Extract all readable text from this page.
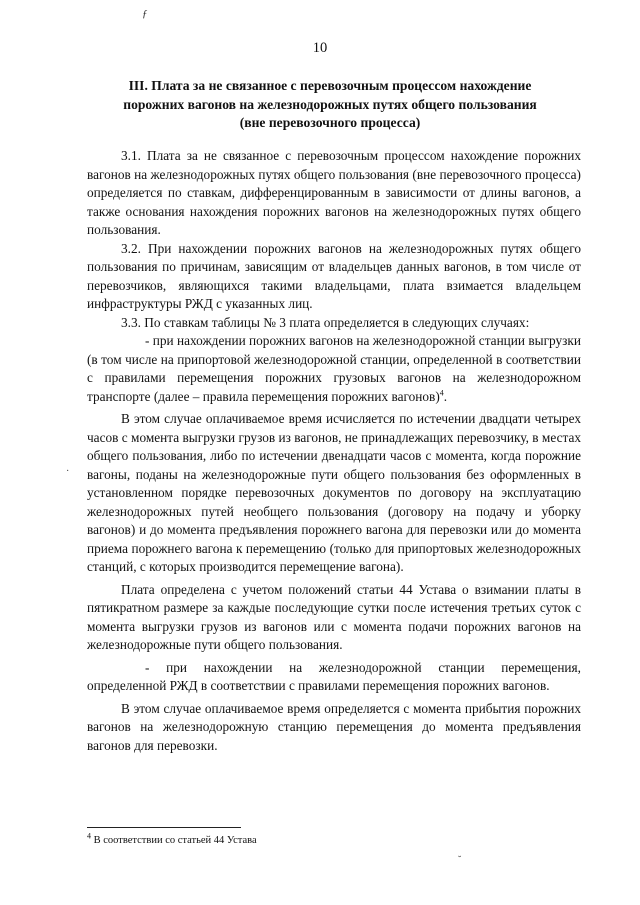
ƒ
·
˘
10
III. Плата за не связанное с перевозочным процессом нахождение
порожних вагонов на железнодорожных путях общего пользования
(вне перевозочного процесса)

3.1. Плата за не связанное с перевозочным процессом нахождение порожних вагонов на железнодорожных путях общего пользования (вне перевозочного процесса) определяется по ставкам, дифференцированным в зависимости от длины вагонов, а также основания нахождения порожних вагонов на железнодорожных путях общего пользования.

3.2. При нахождении порожних вагонов на железнодорожных путях общего пользования по причинам, зависящим от владельцев данных вагонов, в том числе от перевозчиков, являющихся такими владельцами, плата взимается владельцем инфраструктуры РЖД с указанных лиц.

3.3. По ставкам таблицы № 3 плата определяется в следующих случаях:

- при нахождении порожних вагонов на железнодорожной станции выгрузки (в том числе на припортовой железнодорожной станции, определенной в соответствии с правилами перемещения порожних грузовых вагонов на железнодорожном транспорте (далее – правила перемещения порожних вагонов)$^4$.

В этом случае оплачиваемое время исчисляется по истечении двадцати четырех часов с момента выгрузки грузов из вагонов, не принадлежащих перевозчику, в местах общего пользования, либо по истечении двенадцати часов с момента, когда порожние вагоны, поданы на железнодорожные пути общего пользования без оформленных в установленном порядке перевозочных документов по договору на эксплуатацию железнодорожных путей необщего пользования (договору на подачу и уборку вагонов) и до момента предъявления порожнего вагона для перевозки или до момента приема порожнего вагона к перемещению (только для припортовых железнодорожных станций, с которых производится перемещение вагона).

Плата определена с учетом положений статьи 44 Устава о взимании платы в пятикратном размере за каждые последующие сутки после истечения третьих суток с момента выгрузки грузов из вагонов или с момента подачи порожних вагонов на железнодорожные пути общего пользования.

- при нахождении на железнодорожной станции перемещения, определенной РЖД в соответствии с правилами перемещения порожних вагонов.

В этом случае оплачиваемое время определяется с момента прибытия порожних вагонов на железнодорожную станцию перемещения до момента предъявления вагонов для перевозки.

$^4$ В соответствии со статьей 44 Устава
